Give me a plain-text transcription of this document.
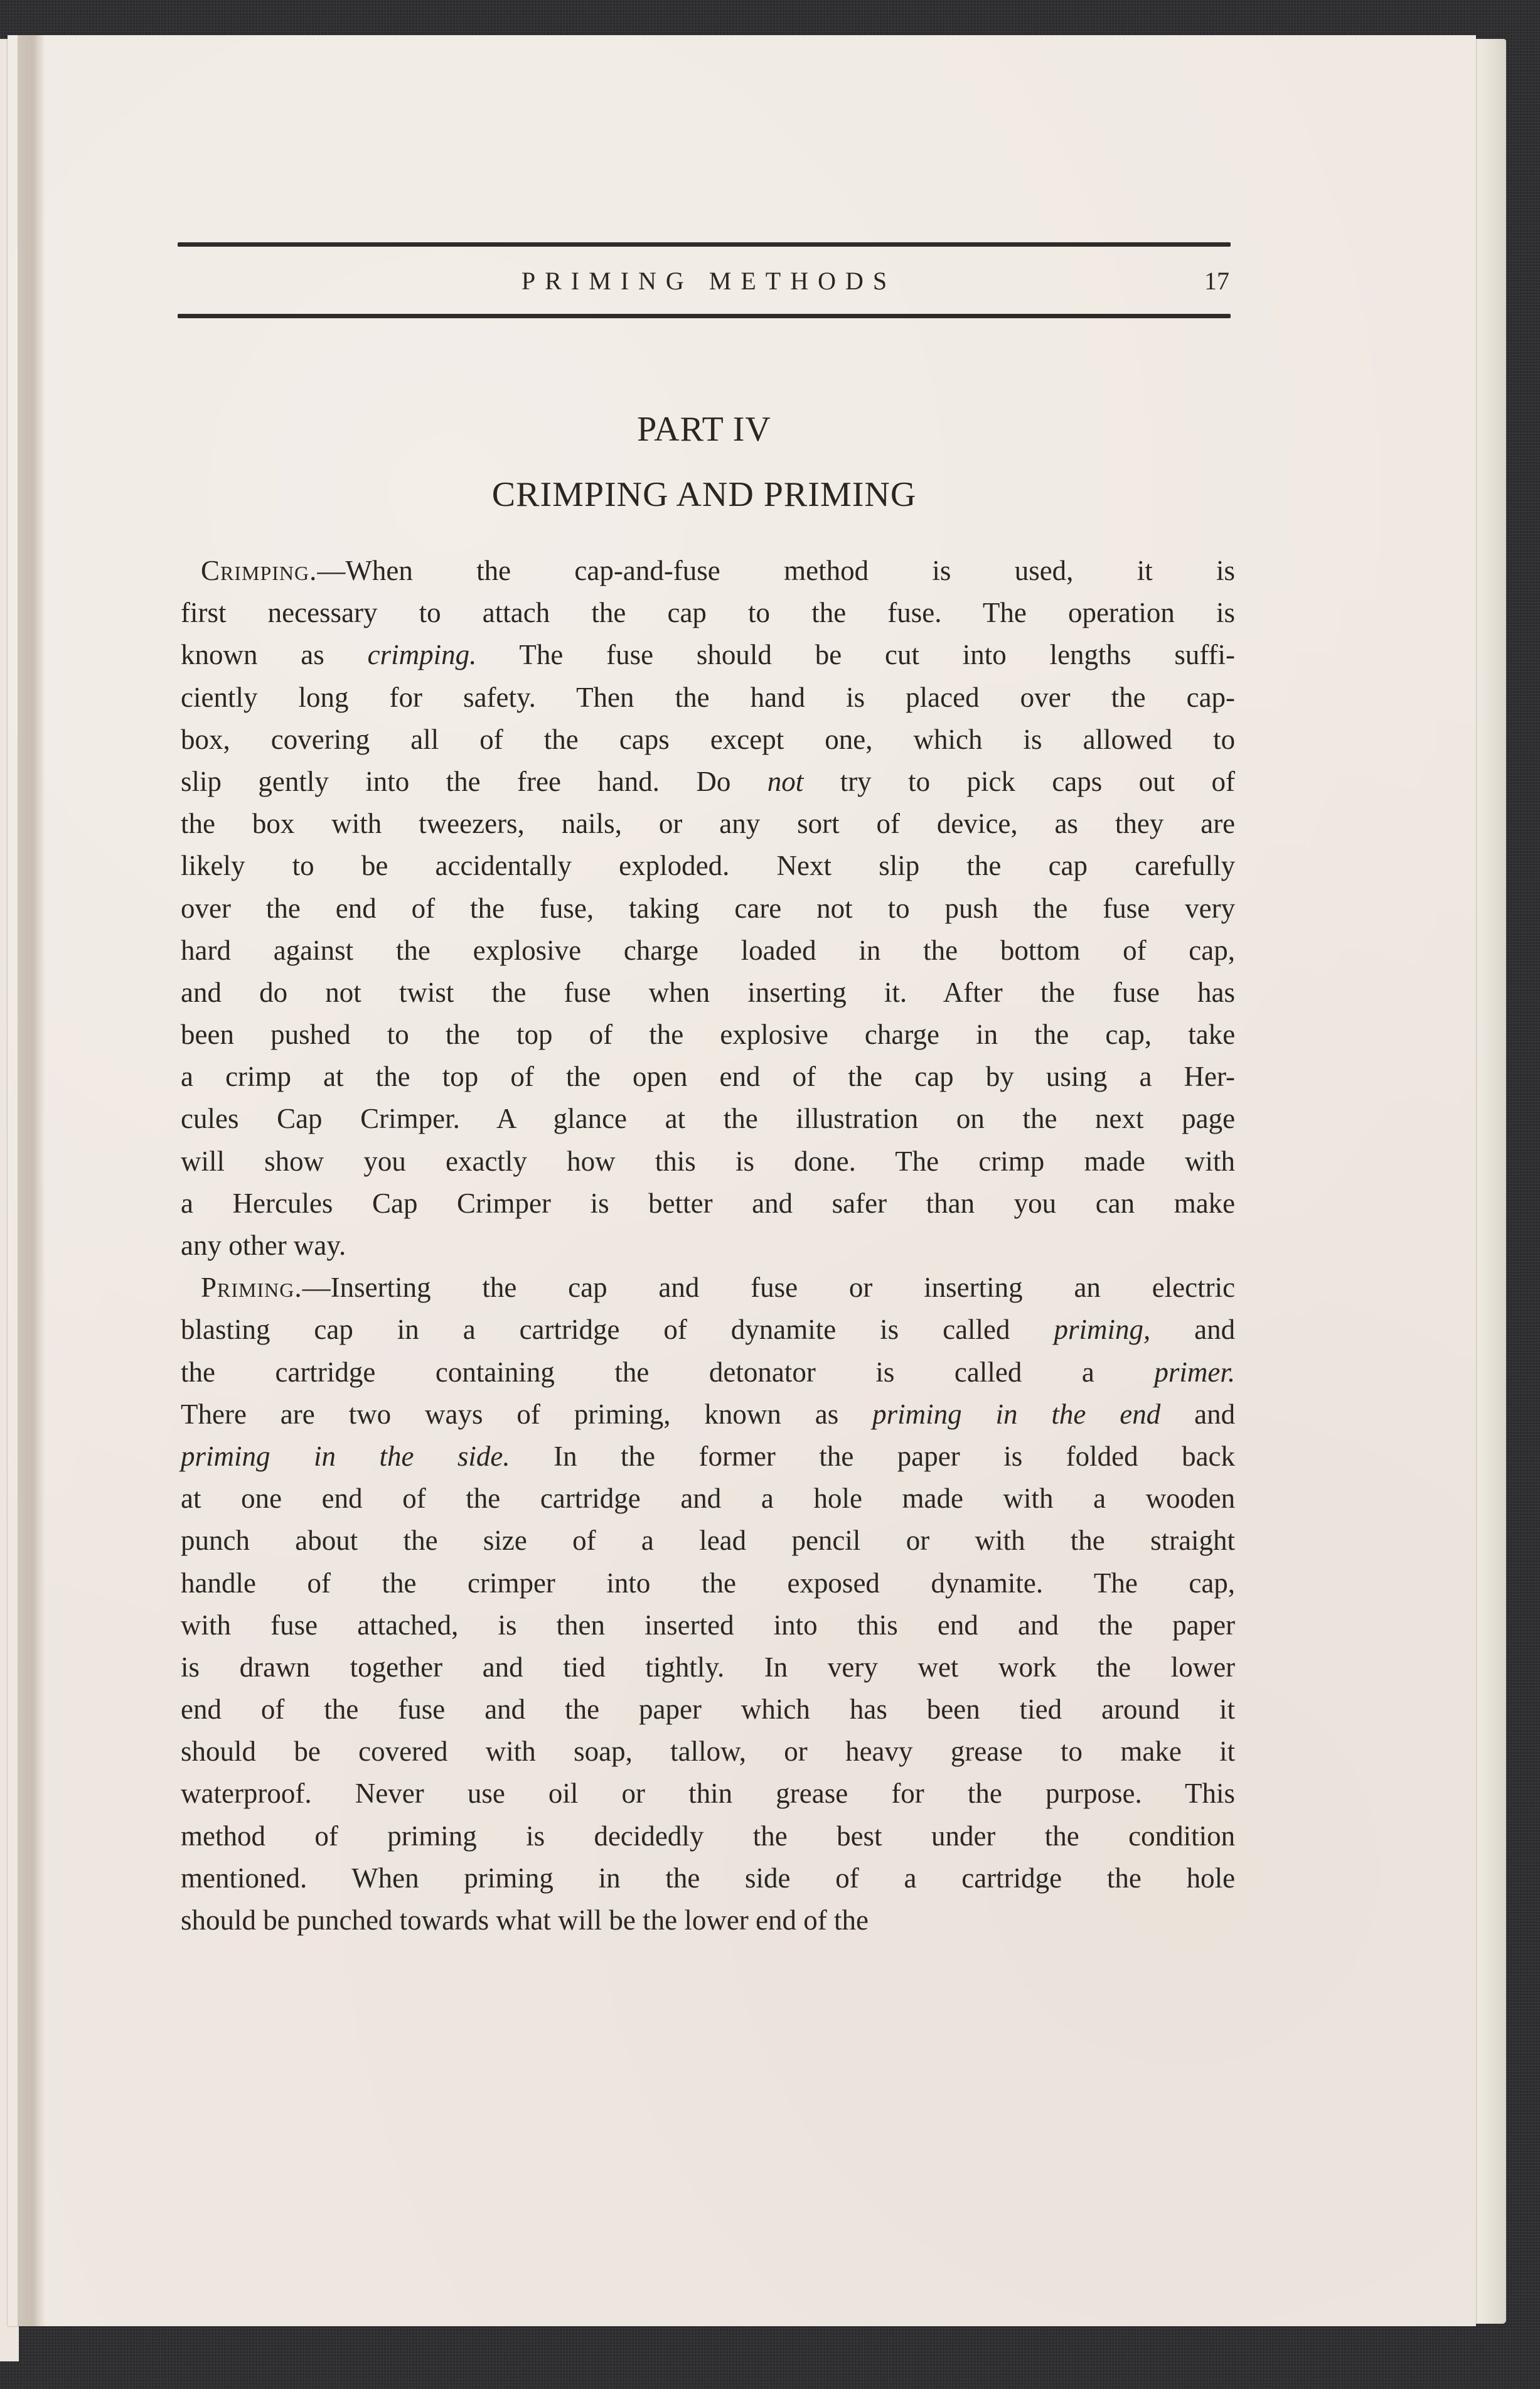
PRIMING METHODS	17
PART IV
CRIMPING AND PRIMING
Crimping.—When the cap-and-fuse method is used, it is
first necessary to attach the cap to the fuse. The operation is
known as crimping. The fuse should be cut into lengths suffi-
ciently long for safety. Then the hand is placed over the cap-
box, covering all of the caps except one, which is allowed to
slip gently into the free hand. Do not try to pick caps out of
the box with tweezers, nails, or any sort of device, as they are
likely to be accidentally exploded. Next slip the cap carefully
over the end of the fuse, taking care not to push the fuse very
hard against the explosive charge loaded in the bottom of cap,
and do not twist the fuse when inserting it. After the fuse has
been pushed to the top of the explosive charge in the cap, take
a crimp at the top of the open end of the cap by using a Her-
cules Cap Crimper. A glance at the illustration on the next page
will show you exactly how this is done. The crimp made with
a Hercules Cap Crimper is better and safer than you can make
any other way.
Priming.—Inserting the cap and fuse or inserting an electric
blasting cap in a cartridge of dynamite is called priming, and
the cartridge containing the detonator is called a primer.
There are two ways of priming, known as priming in the end and
priming in the side. In the former the paper is folded back
at one end of the cartridge and a hole made with a wooden
punch about the size of a lead pencil or with the straight
handle of the crimper into the exposed dynamite. The cap,
with fuse attached, is then inserted into this end and the paper
is drawn together and tied tightly. In very wet work the lower
end of the fuse and the paper which has been tied around it
should be covered with soap, tallow, or heavy grease to make it
waterproof. Never use oil or thin grease for the purpose. This
method of priming is decidedly the best under the condition
mentioned. When priming in the side of a cartridge the hole
should be punched towards what will be the lower end of the
